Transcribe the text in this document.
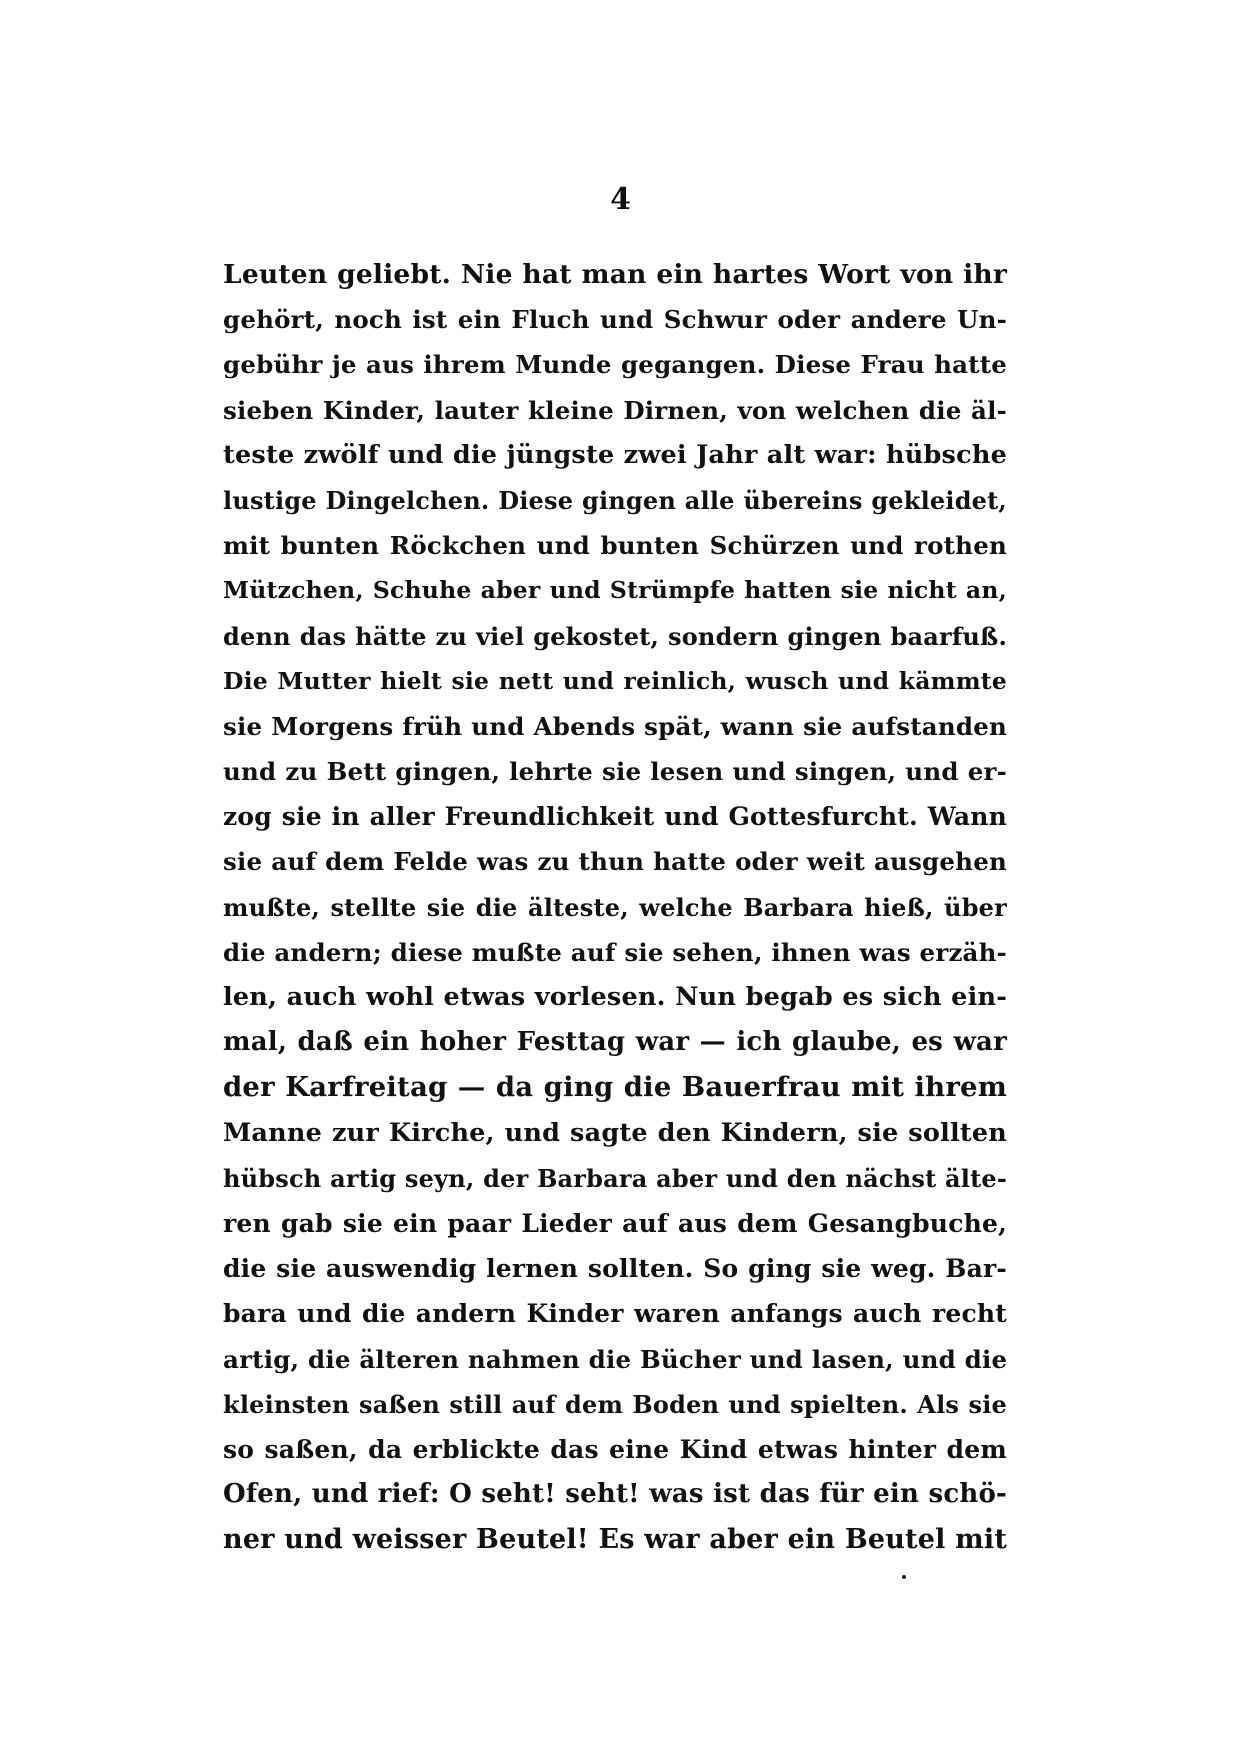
4
Leuten geliebt. Nie hat man ein hartes Wort von ihr
gehört, noch ist ein Fluch und Schwur oder andere Un-
gebühr je aus ihrem Munde gegangen. Diese Frau hatte
sieben Kinder, lauter kleine Dirnen, von welchen die äl-
teste zwölf und die jüngste zwei Jahr alt war: hübsche
lustige Dingelchen. Diese gingen alle übereins gekleidet,
mit bunten Röckchen und bunten Schürzen und rothen
Mützchen, Schuhe aber und Strümpfe hatten sie nicht an,
denn das hätte zu viel gekostet, sondern gingen baarfuß.
Die Mutter hielt sie nett und reinlich, wusch und kämmte
sie Morgens früh und Abends spät, wann sie aufstanden
und zu Bett gingen, lehrte sie lesen und singen, und er-
zog sie in aller Freundlichkeit und Gottesfurcht. Wann
sie auf dem Felde was zu thun hatte oder weit ausgehen
mußte, stellte sie die älteste, welche Barbara hieß, über
die andern; diese mußte auf sie sehen, ihnen was erzäh-
len, auch wohl etwas vorlesen. Nun begab es sich ein-
mal, daß ein hoher Festtag war — ich glaube, es war
der Karfreitag — da ging die Bauerfrau mit ihrem
Manne zur Kirche, und sagte den Kindern, sie sollten
hübsch artig seyn, der Barbara aber und den nächst älte-
ren gab sie ein paar Lieder auf aus dem Gesangbuche,
die sie auswendig lernen sollten. So ging sie weg. Bar-
bara und die andern Kinder waren anfangs auch recht
artig, die älteren nahmen die Bücher und lasen, und die
kleinsten saßen still auf dem Boden und spielten. Als sie
so saßen, da erblickte das eine Kind etwas hinter dem
Ofen, und rief: O seht! seht! was ist das für ein schö-
ner und weisser Beutel! Es war aber ein Beutel mit
